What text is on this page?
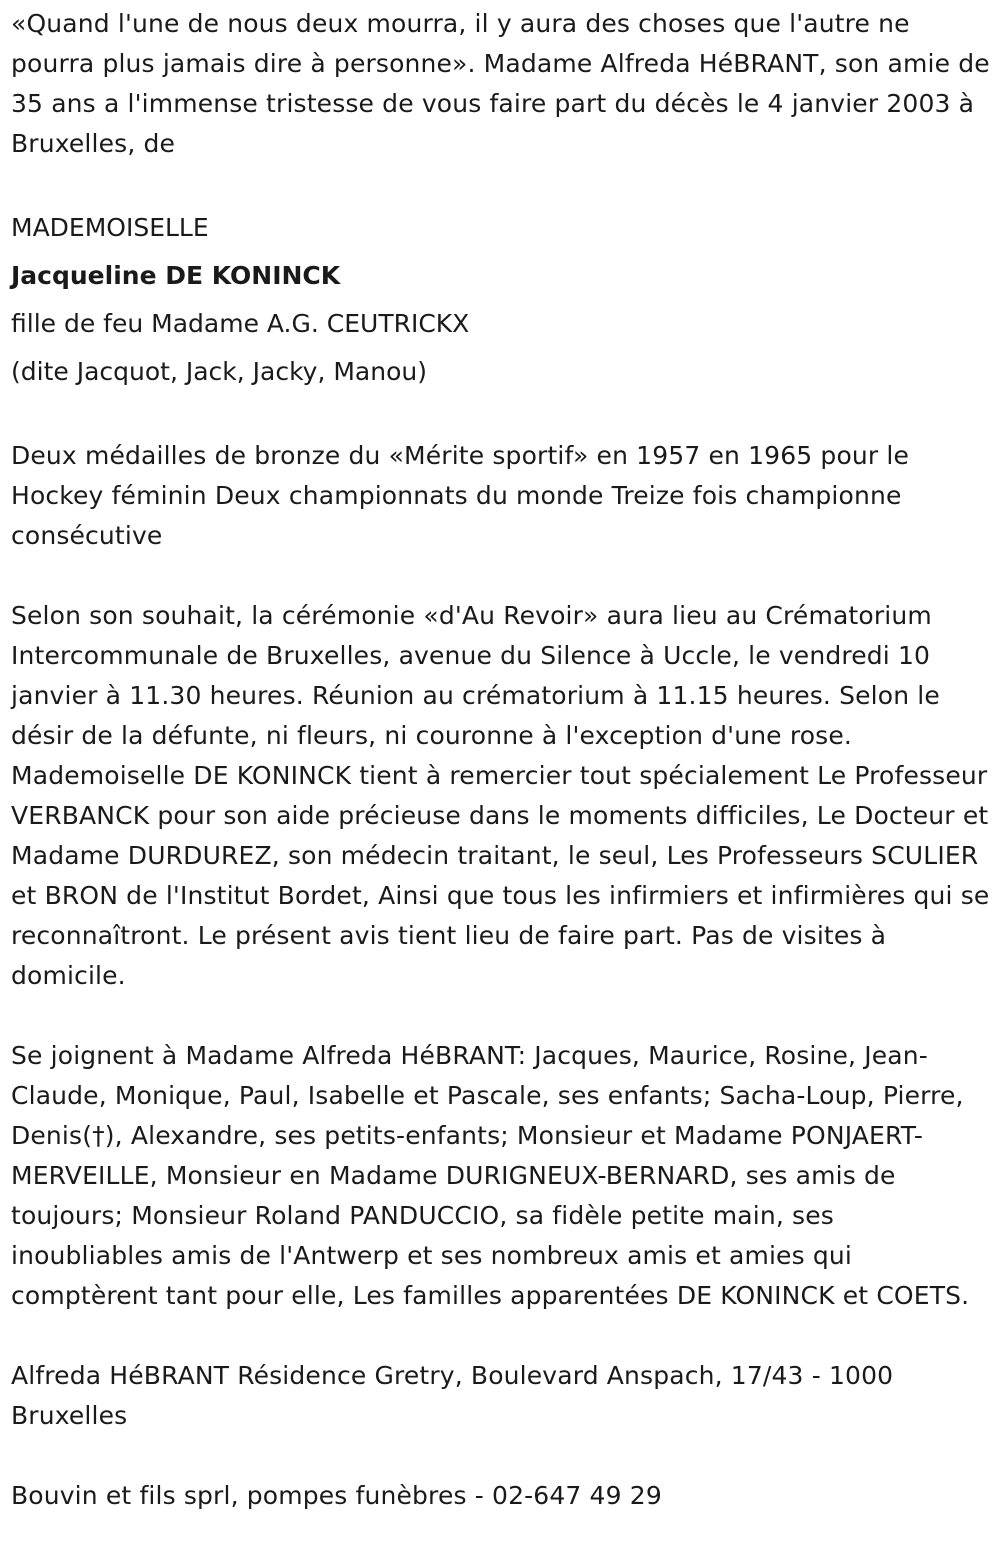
«Quand l'une de nous deux mourra, il y aura des choses que l'autre ne pourra plus jamais dire à personne». Madame Alfreda HéBRANT, son amie de 35 ans a l'immense tristesse de vous faire part du décès le 4 janvier 2003 à Bruxelles, de

MADEMOISELLE

Jacqueline DE KONINCK

fille de feu Madame A.G. CEUTRICKX

(dite Jacquot, Jack, Jacky, Manou)

Deux médailles de bronze du «Mérite sportif» en 1957 en 1965 pour le Hockey féminin Deux championnats du monde Treize fois championne consécutive

Selon son souhait, la cérémonie «d'Au Revoir» aura lieu au Crématorium Intercommunale de Bruxelles, avenue du Silence à Uccle, le vendredi 10 janvier à 11.30 heures. Réunion au crématorium à 11.15 heures. Selon le désir de la défunte, ni fleurs, ni couronne à l'exception d'une rose. Mademoiselle DE KONINCK tient à remercier tout spécialement Le Professeur VERBANCK pour son aide précieuse dans le moments difficiles, Le Docteur et Madame DURDUREZ, son médecin traitant, le seul, Les Professeurs SCULIER et BRON de l'Institut Bordet, Ainsi que tous les infirmiers et infirmières qui se reconnaîtront. Le présent avis tient lieu de faire part. Pas de visites à domicile.

Se joignent à Madame Alfreda HéBRANT: Jacques, Maurice, Rosine, Jean-Claude, Monique, Paul, Isabelle et Pascale, ses enfants; Sacha-Loup, Pierre, Denis(†), Alexandre, ses petits-enfants; Monsieur et Madame PONJAERT-MERVEILLE, Monsieur en Madame DURIGNEUX-BERNARD, ses amis de toujours; Monsieur Roland PANDUCCIO, sa fidèle petite main, ses inoubliables amis de l'Antwerp et ses nombreux amis et amies qui comptèrent tant pour elle, Les familles apparentées DE KONINCK et COETS.

Alfreda HéBRANT Résidence Gretry, Boulevard Anspach, 17/43 - 1000 Bruxelles

Bouvin et fils sprl, pompes funèbres - 02-647 49 29
